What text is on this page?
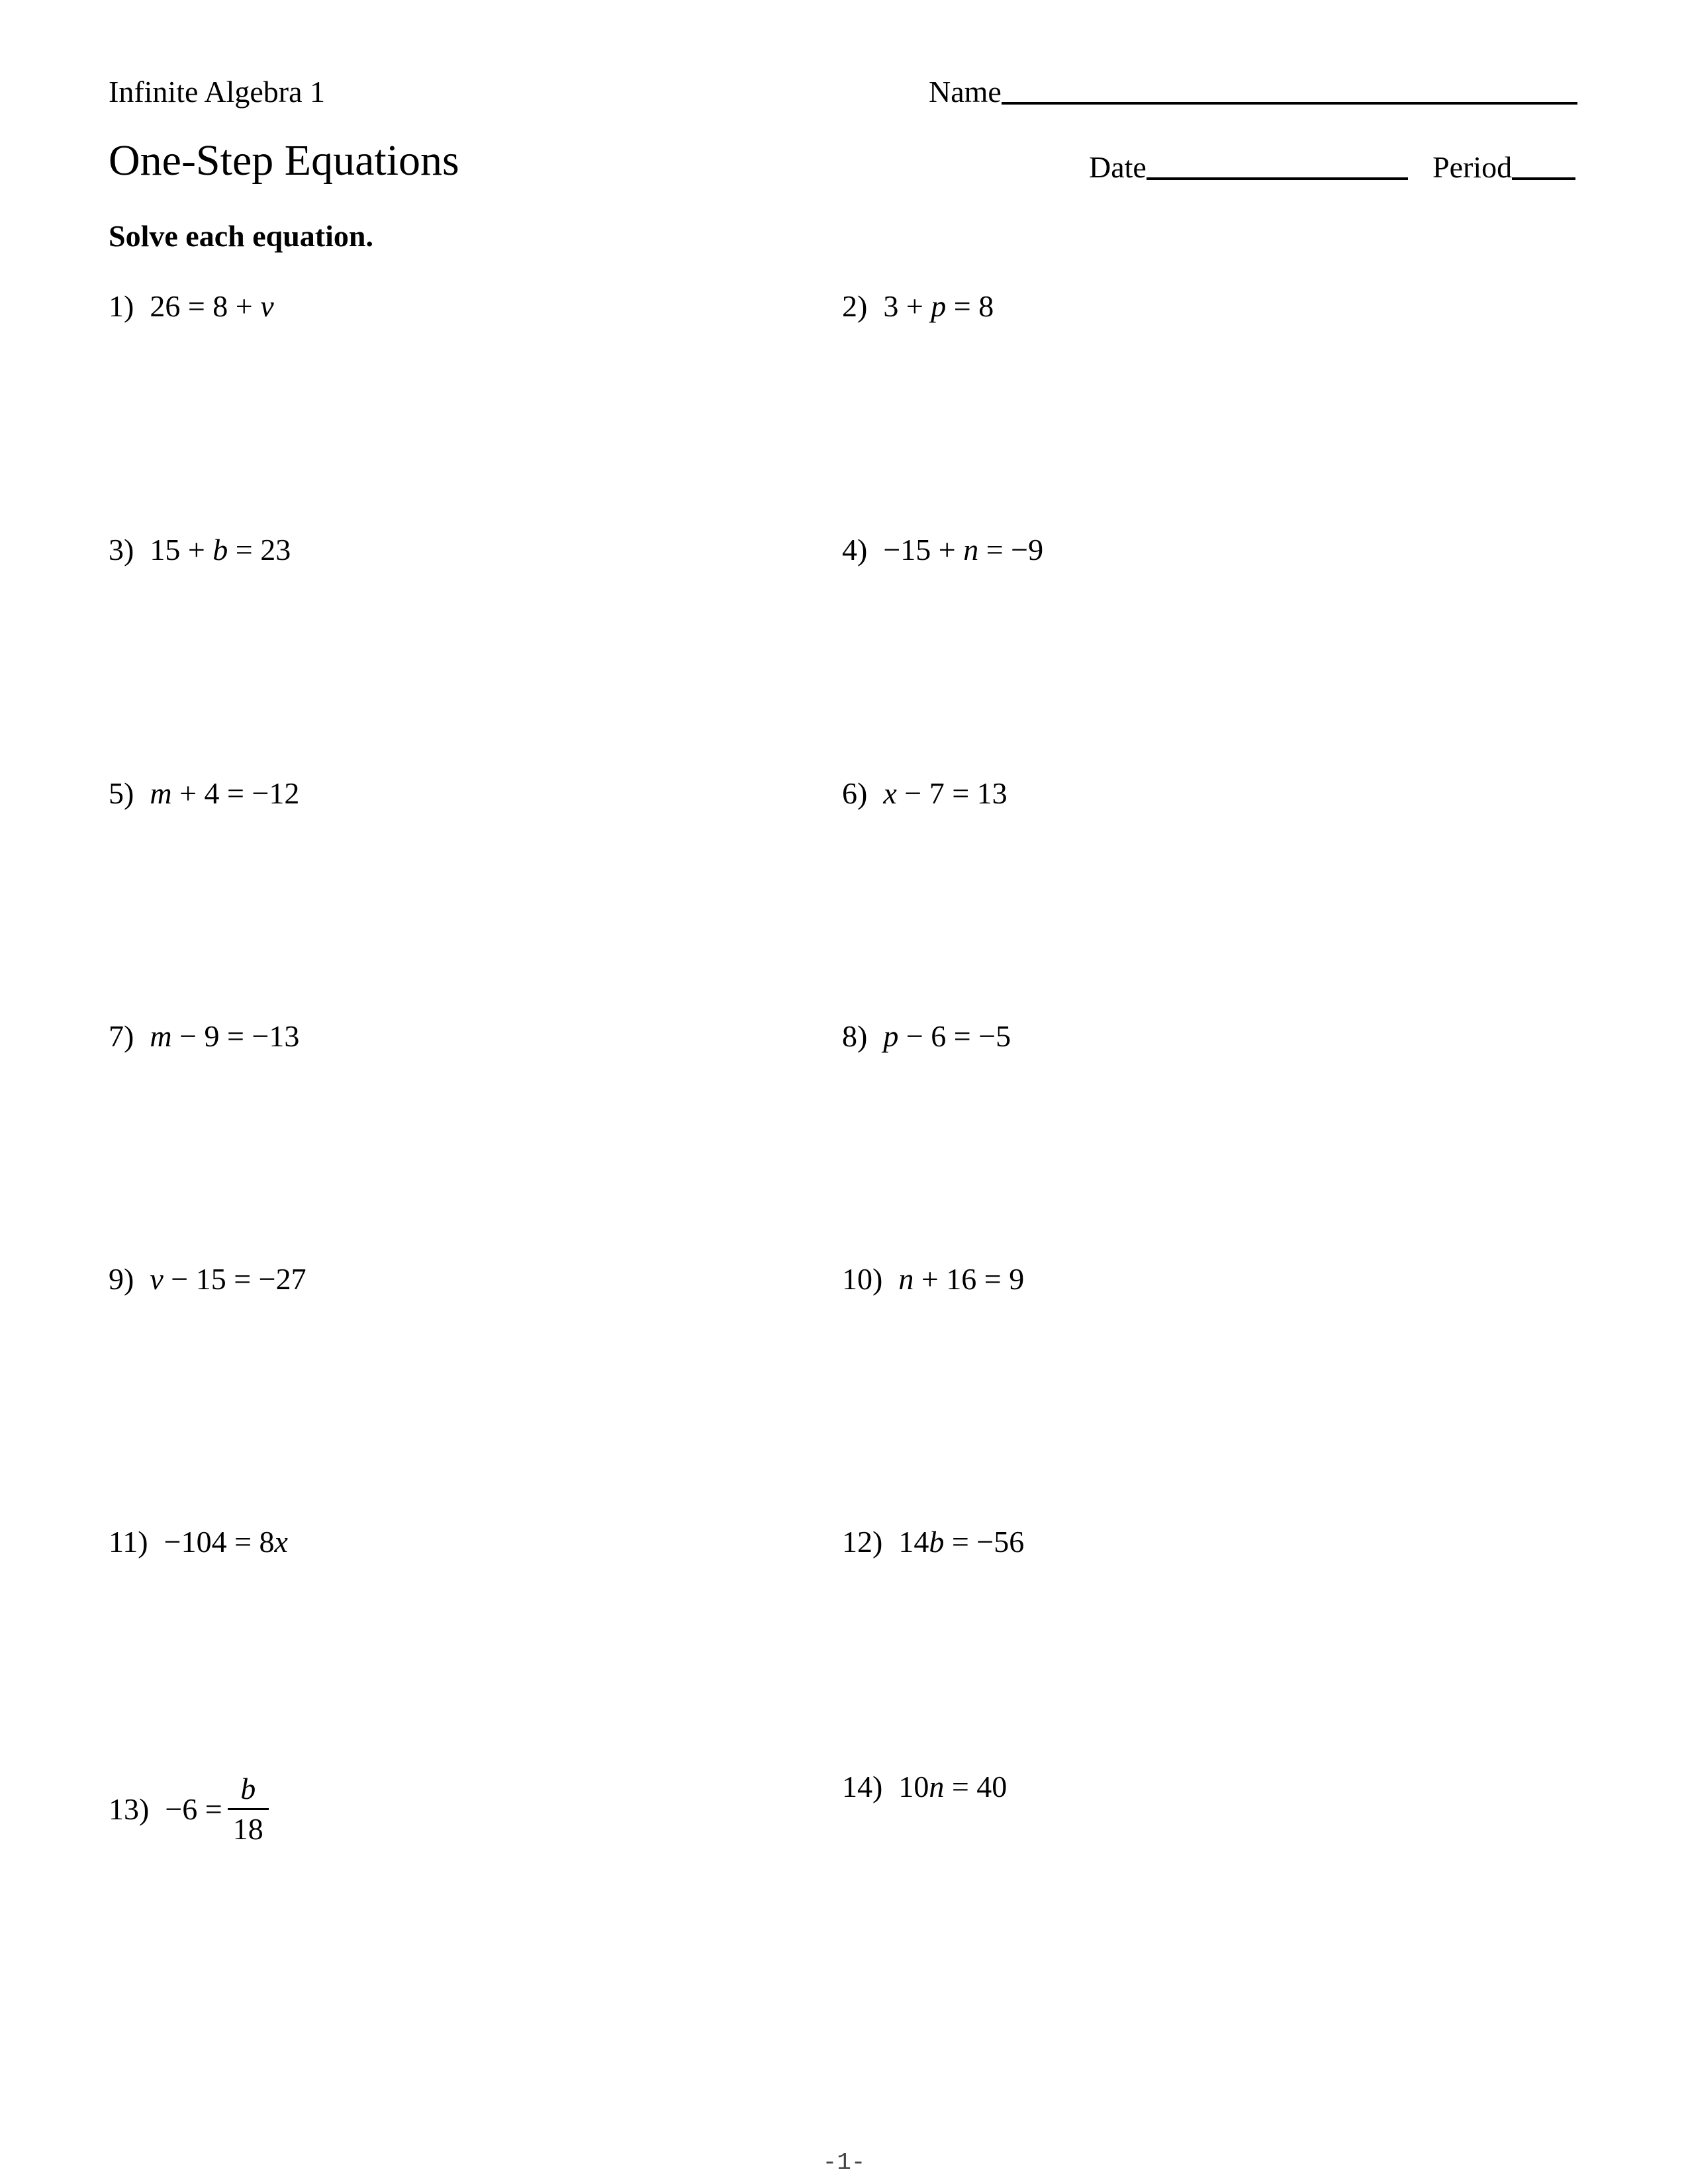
Infinite Algebra 1
One-Step Equations
Solve each equation.
Name
Date	Period
1) 26 = 8 + v	2) 3 + p = 8
3) 15 + b = 23	4) −15 + n = −9
5) m + 4 = −12	6) x − 7 = 13
7) m − 9 = −13	8) p − 6 = −5
9) v − 15 = −27	10) n + 16 = 9
11) −104 = 8x	12) 14b = −56
$13) -6 = \frac{b}{18}$	14) 10n = 40
-1-
